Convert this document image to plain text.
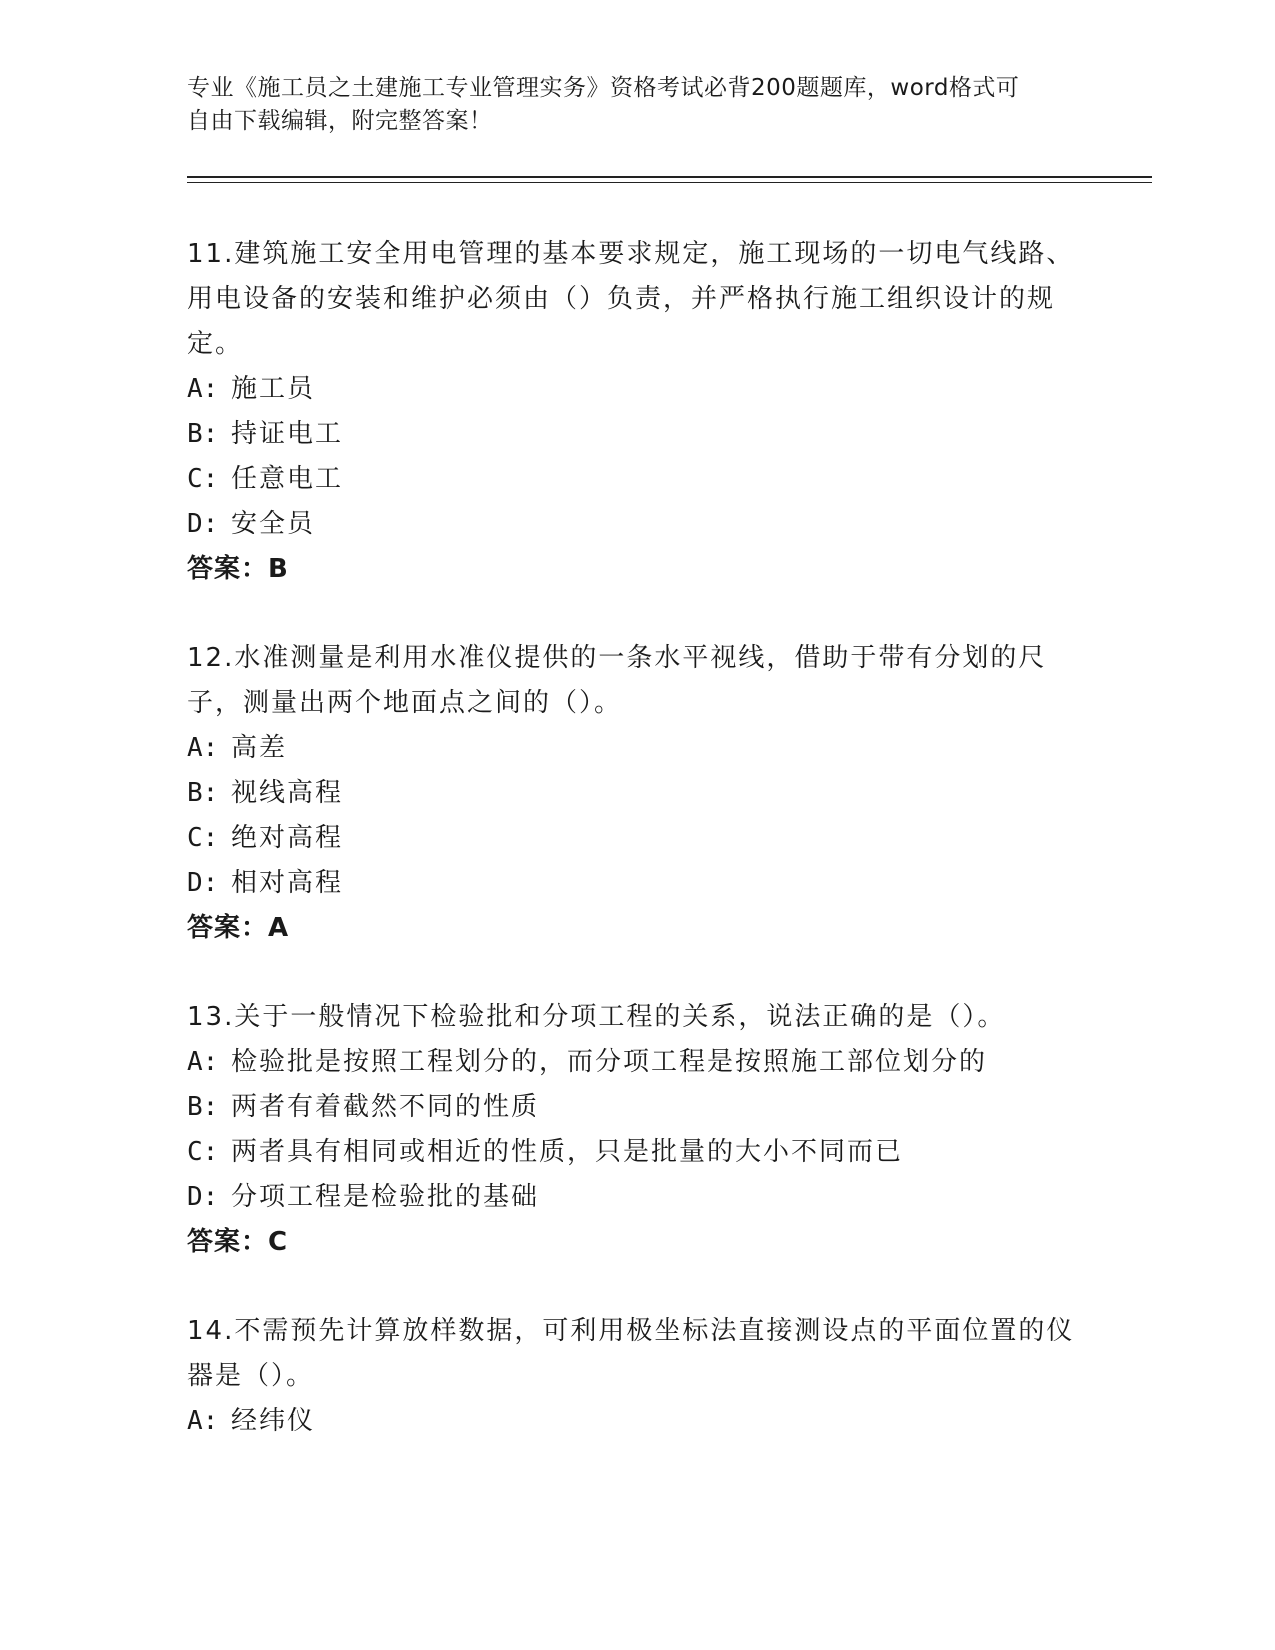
专业《施工员之土建施工专业管理实务》资格考试必背200题题库，word格式可
自由下载编辑，附完整答案！

11.建筑施工安全用电管理的基本要求规定，施工现场的一切电气线路、用电设备的安装和维护必须由（）负责，并严格执行施工组织设计的规定。

A: 施工员

B: 持证电工

C: 任意电工

D: 安全员

答案：B

12.水准测量是利用水准仪提供的一条水平视线，借助于带有分划的尺子，测量出两个地面点之间的（）。

A: 高差

B: 视线高程

C: 绝对高程

D: 相对高程

答案：A

13.关于一般情况下检验批和分项工程的关系，说法正确的是（）。

A: 检验批是按照工程划分的，而分项工程是按照施工部位划分的

B: 两者有着截然不同的性质

C: 两者具有相同或相近的性质，只是批量的大小不同而已

D: 分项工程是检验批的基础

答案：C

14.不需预先计算放样数据，可利用极坐标法直接测设点的平面位置的仪器是（）。

A: 经纬仪
